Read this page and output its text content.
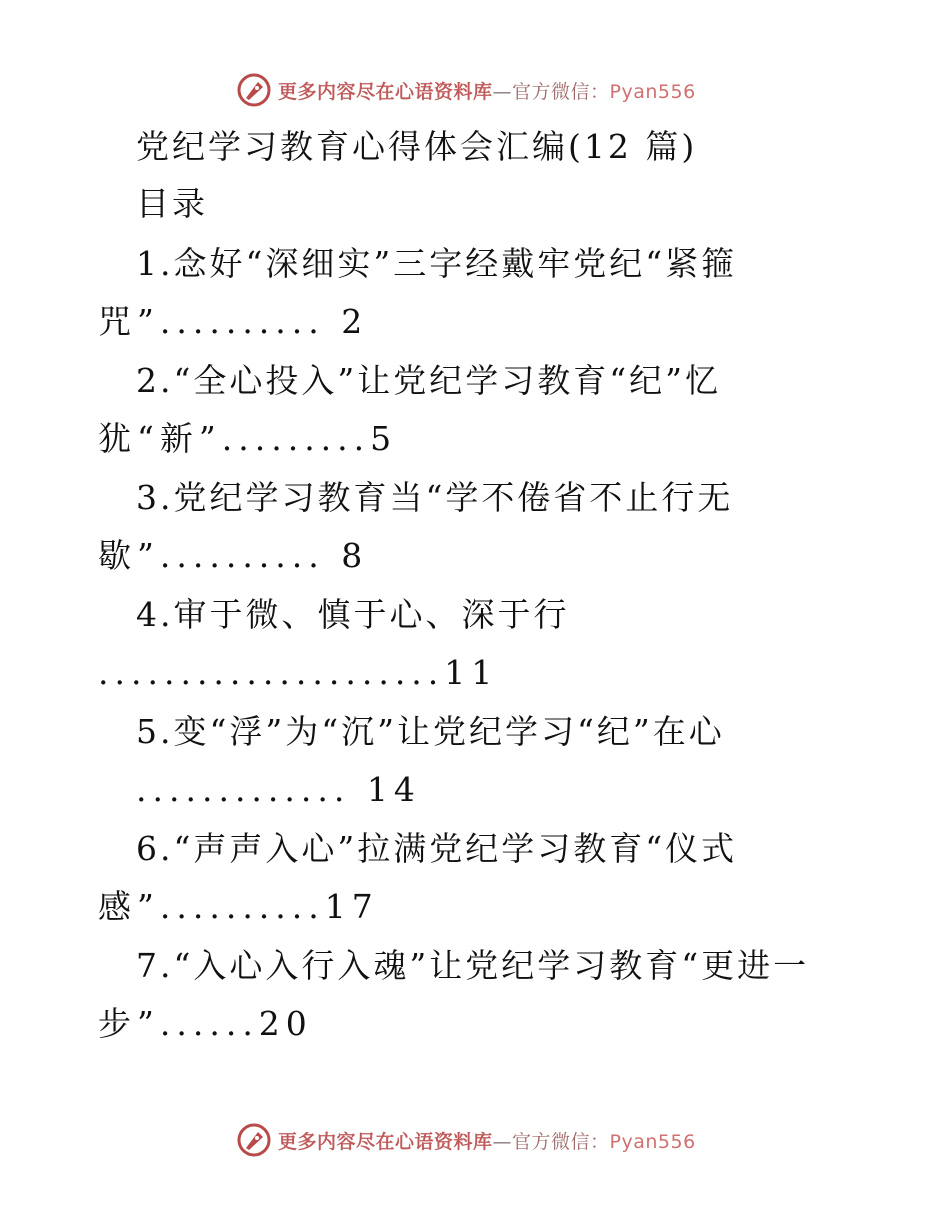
更多内容尽在心语资料库—官方微信：Pyan556
党纪学习教育心得体会汇编(12 篇)
目录
1.念好“深细实”三字经戴牢党纪“紧箍
咒”.......... 2
2.“全心投入”让党纪学习教育“纪”忆
犹“新”.........5
3.党纪学习教育当“学不倦省不止行无
歇”.......... 8
4.审于微、慎于心、深于行
.....................11
5.变“浮”为“沉”让党纪学习“纪”在心
............. 14
6.“声声入心”拉满党纪学习教育“仪式
感”..........17
7.“入心入行入魂”让党纪学习教育“更进一
步”......20
更多内容尽在心语资料库—官方微信：Pyan556
